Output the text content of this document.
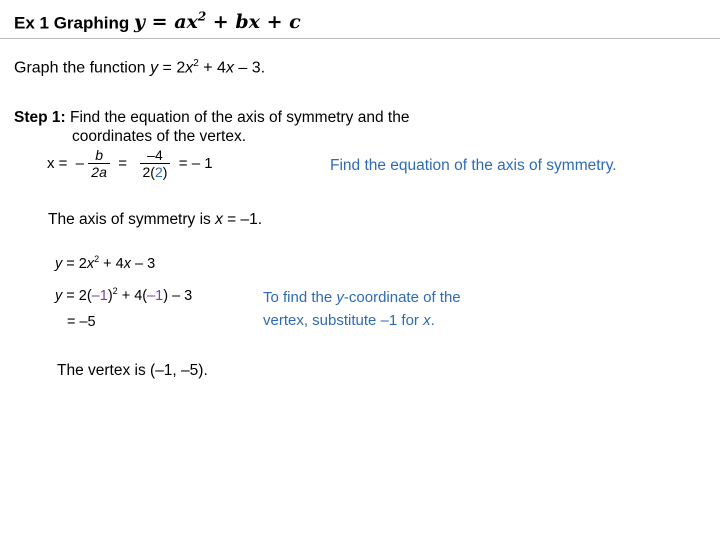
Ex 1 Graphing $y = ax^2$ + bx + c
Graph the function $y = 2x^2 + 4x - 3$.
Step 1: Find the equation of the axis of symmetry and the
coordinates of the vertex.
x = – $\frac{b}{2a} = \frac{-4}{2(2)}$ = – 1	Find the equation of the axis of symmetry.
The axis of symmetry is x = –1.
$y = 2x^2 + 4x - 3$
$y = 2(-1)^2 + 4(-1) - 3$
= –5
The vertex is (–1, –5).
To find the y-coordinate of the
vertex, substitute –1 for x.
